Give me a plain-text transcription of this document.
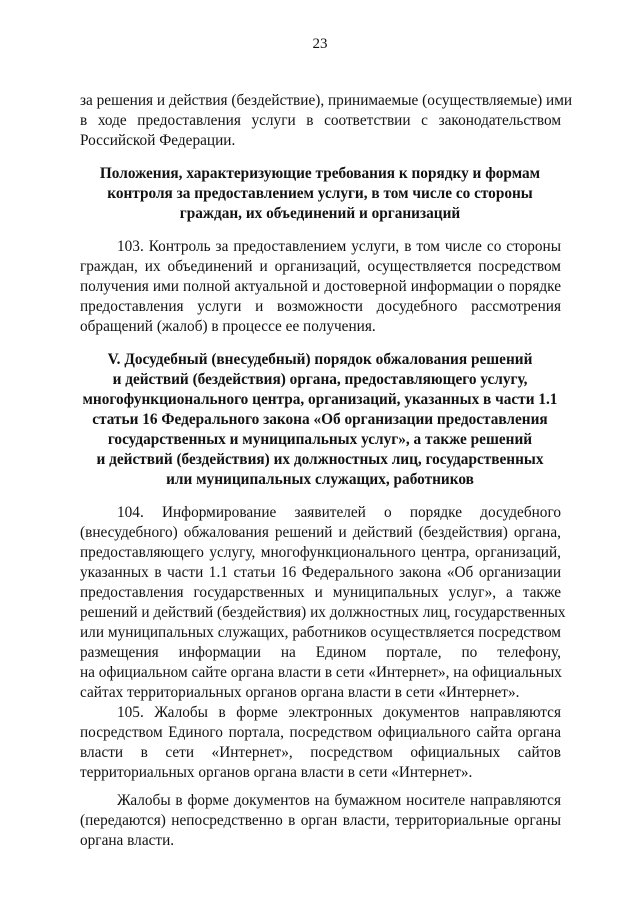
23
за решения и действия (бездействие), принимаемые (осуществляемые) ими
в ходе предоставления услуги в соответствии с законодательством
Российской Федерации.
Положения, характеризующие требования к порядку и формам
контроля за предоставлением услуги, в том числе со стороны
граждан, их объединений и организаций
103. Контроль за предоставлением услуги, в том числе со стороны
граждан, их объединений и организаций, осуществляется посредством
получения ими полной актуальной и достоверной информации о порядке
предоставления услуги и возможности досудебного рассмотрения
обращений (жалоб) в процессе ее получения.
V. Досудебный (внесудебный) порядок обжалования решений
и действий (бездействия) органа, предоставляющего услугу,
многофункционального центра, организаций, указанных в части 1.1
статьи 16 Федерального закона «Об организации предоставления
государственных и муниципальных услуг», а также решений
и действий (бездействия) их должностных лиц, государственных
или муниципальных служащих, работников
104. Информирование заявителей о порядке досудебного
(внесудебного) обжалования решений и действий (бездействия) органа,
предоставляющего услугу, многофункционального центра, организаций,
указанных в части 1.1 статьи 16 Федерального закона «Об организации
предоставления государственных и муниципальных услуг», а также
решений и действий (бездействия) их должностных лиц, государственных
или муниципальных служащих, работников осуществляется посредством
размещения информации на Едином портале, по телефону,
на официальном сайте органа власти в сети «Интернет», на официальных
сайтах территориальных органов органа власти в сети «Интернет».
105. Жалобы в форме электронных документов направляются
посредством Единого портала, посредством официального сайта органа
власти в сети «Интернет», посредством официальных сайтов
территориальных органов органа власти в сети «Интернет».
Жалобы в форме документов на бумажном носителе направляются
(передаются) непосредственно в орган власти, территориальные органы
органа власти.
